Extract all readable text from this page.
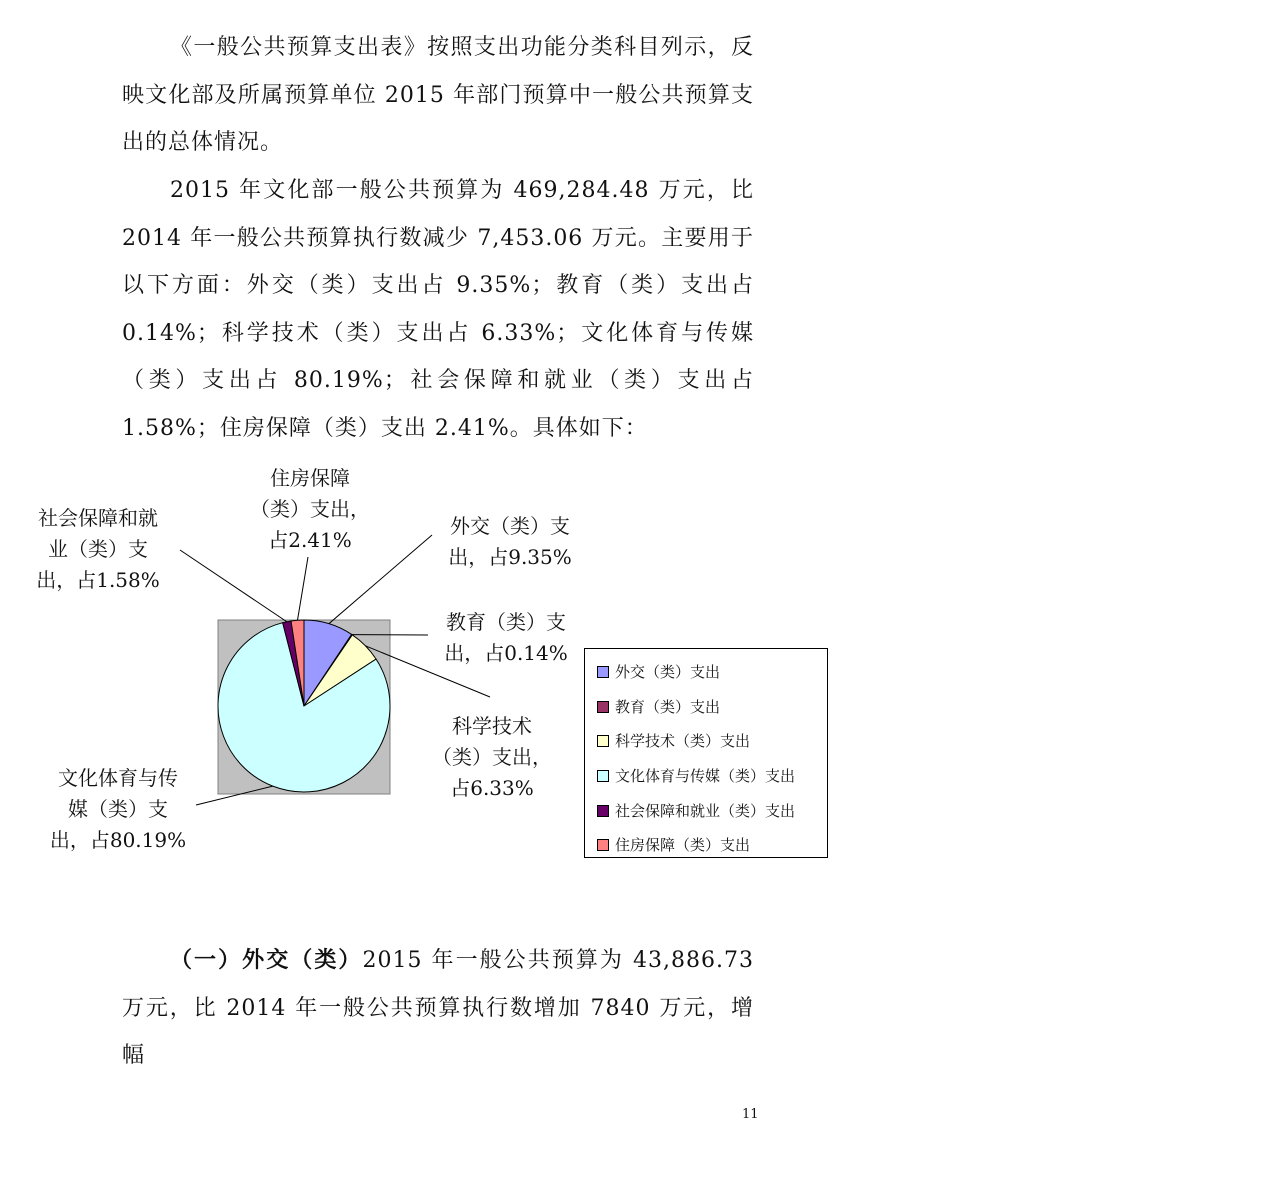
《一般公共预算支出表》按照支出功能分类科目列示，反映文化部及所属预算单位 2015 年部门预算中一般公共预算支出的总体情况。

2015 年文化部一般公共预算为 469,284.48 万元，比 2014 年一般公共预算执行数减少 7,453.06 万元。主要用于以下方面：外交（类）支出占 9.35%；教育（类）支出占 0.14%；科学技术（类）支出占 6.33%；文化体育与传媒（类）支出占 80.19%；社会保障和就业（类）支出占 1.58%；住房保障（类）支出 2.41%。具体如下：

外交（类）支出，占9.35%
教育（类）支出，占0.14%
科学技术（类）支出，占6.33%
文化体育与传媒（类）支出，占80.19%
社会保障和就业（类）支出，占1.58%
住房保障（类）支出，占2.41%
外交（类）支出
教育（类）支出
科学技术（类）支出
文化体育与传媒（类）支出
社会保障和就业（类）支出
住房保障（类）支出

（一）外交（类）2015 年一般公共预算为 43,886.73 万元，比 2014 年一般公共预算执行数增加 7840 万元，增幅

11
